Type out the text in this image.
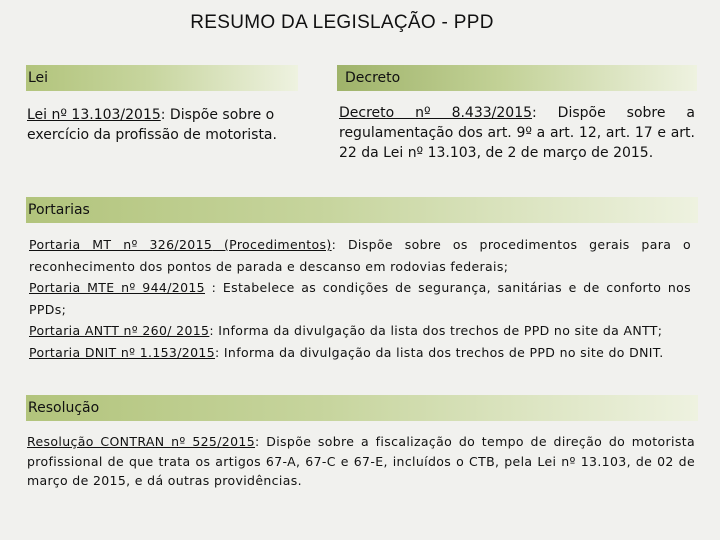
RESUMO DA LEGISLAÇÃO - PPD
Lei
Lei nº 13.103/2015: Dispõe sobre o exercício da profissão de motorista.
Decreto
Decreto nº 8.433/2015: Dispõe sobre a regulamentação dos art. 9º a art. 12, art. 17 e art. 22 da Lei nº 13.103, de 2 de março de 2015.
Portarias

Portaria MT nº 326/2015 (Procedimentos): Dispõe sobre os procedimentos gerais para o reconhecimento dos pontos de parada e descanso em rodovias federais;

Portaria MTE nº 944/2015 : Estabelece as condições de segurança, sanitárias e de conforto nos PPDs;

Portaria ANTT nº 260/ 2015: Informa da divulgação da lista dos trechos de PPD no site da ANTT;

Portaria DNIT nº 1.153/2015: Informa da divulgação da lista dos trechos de PPD no site do DNIT.

Resolução
Resolução CONTRAN nº 525/2015: Dispõe sobre a fiscalização do tempo de direção do motorista profissional de que trata os artigos 67-A, 67-C e 67-E, incluídos o CTB, pela Lei nº 13.103, de 02 de março de 2015, e dá outras providências.
